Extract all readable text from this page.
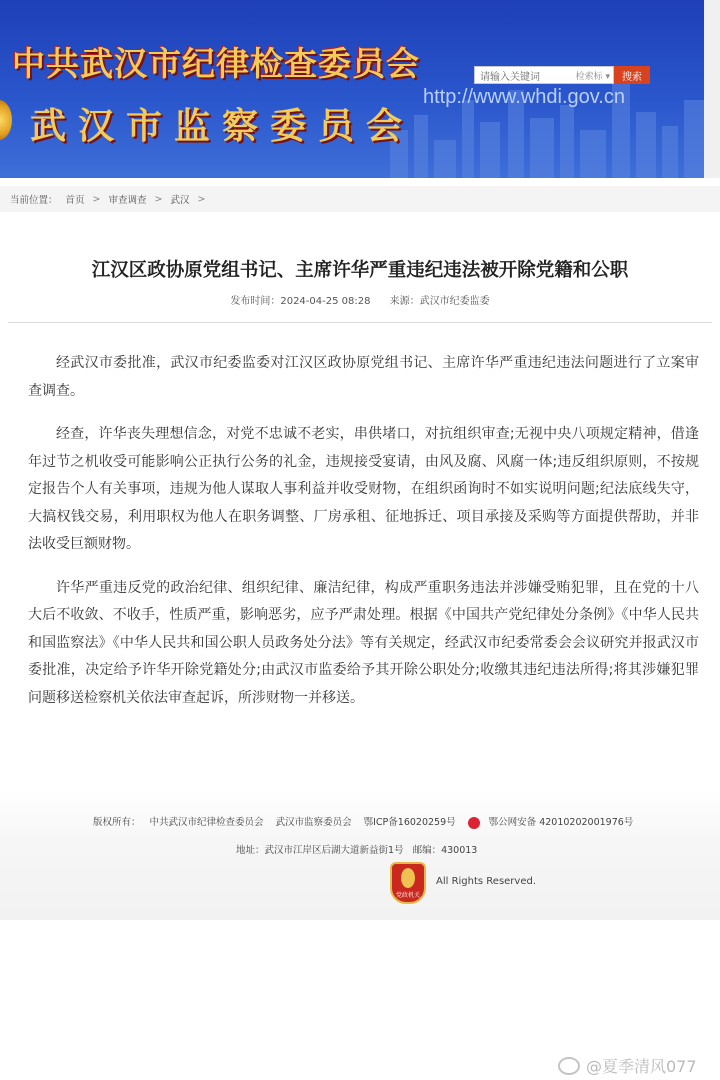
中共武汉市纪律检查委员会
武汉市监察委员会
http://www.whdi.gov.cn
请输入关键词	检索标 ▾	搜索
当前位置： 首页 > 审查调查 > 武汉 >
江汉区政协原党组书记、主席许华严重违纪违法被开除党籍和公职
发布时间：2024-04-25 08:28 来源：武汉市纪委监委

经武汉市委批准，武汉市纪委监委对江汉区政协原党组书记、主席许华严重违纪违法问题进行了立案审查调查。

经查，许华丧失理想信念，对党不忠诚不老实，串供堵口，对抗组织审查;无视中央八项规定精神，借逢年过节之机收受可能影响公正执行公务的礼金，违规接受宴请，由风及腐、风腐一体;违反组织原则，不按规定报告个人有关事项，违规为他人谋取人事利益并收受财物，在组织函询时不如实说明问题;纪法底线失守，大搞权钱交易，利用职权为他人在职务调整、厂房承租、征地拆迁、项目承接及采购等方面提供帮助，并非法收受巨额财物。

许华严重违反党的政治纪律、组织纪律、廉洁纪律，构成严重职务违法并涉嫌受贿犯罪，且在党的十八大后不收敛、不收手，性质严重，影响恶劣，应予严肃处理。根据《中国共产党纪律处分条例》《中华人民共和国监察法》《中华人民共和国公职人员政务处分法》等有关规定，经武汉市纪委常委会会议研究并报武汉市委批准，决定给予许华开除党籍处分;由武汉市监委给予其开除公职处分;收缴其违纪违法所得;将其涉嫌犯罪问题移送检察机关依法审查起诉，所涉财物一并移送。

版权所有： 中共武汉市纪律检查委员会 武汉市监察委员会 鄂ICP备16020259号	鄂公网安备 42010202001976号
地址：武汉市江岸区后湖大道新益街1号 邮编：430013
党政机关
All Rights Reserved.
@夏季清风077
